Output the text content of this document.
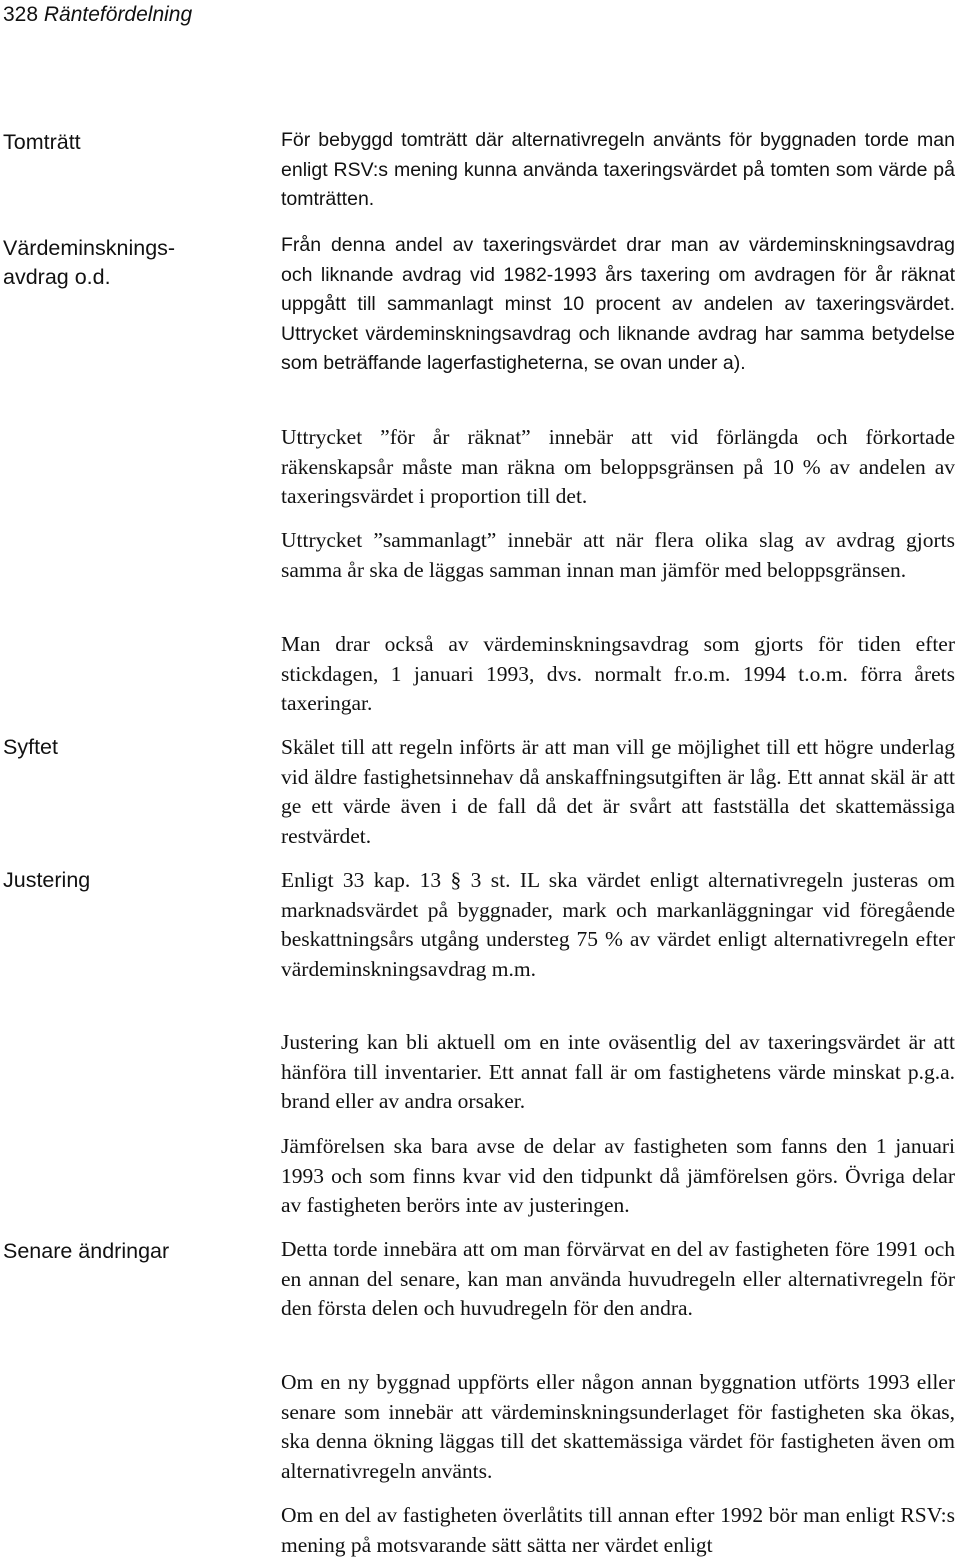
328 Räntefördelning
Tomträtt
Värdeminsknings-
avdrag o.d.
Syftet
Justering
Senare ändringar
För bebyggd tomträtt där alternativregeln använts för byggnaden torde man enligt RSV:s mening kunna använda taxeringsvärdet på tomten som värde på tomträtten.
Från denna andel av taxeringsvärdet drar man av värdeminskningsavdrag och liknande avdrag vid 1982-1993 års taxering om avdragen för år räknat uppgått till sammanlagt minst 10 procent av andelen av taxeringsvärdet. Uttrycket värdeminskningsavdrag och liknande avdrag har samma betydelse som beträffande lagerfastigheterna, se ovan under a).
Uttrycket ”för år räknat” innebär att vid förlängda och förkortade räkenskapsår måste man räkna om beloppsgränsen på 10 % av andelen av taxeringsvärdet i proportion till det.
Uttrycket ”sammanlagt” innebär att när flera olika slag av avdrag gjorts samma år ska de läggas samman innan man jämför med beloppsgränsen.
Man drar också av värdeminskningsavdrag som gjorts för tiden efter stickdagen, 1 januari 1993, dvs. normalt fr.o.m. 1994 t.o.m. förra årets taxeringar.
Skälet till att regeln införts är att man vill ge möjlighet till ett högre underlag vid äldre fastighetsinnehav då anskaffningsutgiften är låg. Ett annat skäl är att ge ett värde även i de fall då det är svårt att fastställa det skattemässiga restvärdet.
Enligt 33 kap. 13 § 3 st. IL ska värdet enligt alternativregeln justeras om marknadsvärdet på byggnader, mark och markanläggningar vid föregående beskattningsårs utgång understeg 75 % av värdet enligt alternativregeln efter värdeminskningsavdrag m.m.
Justering kan bli aktuell om en inte oväsentlig del av taxeringsvärdet är att hänföra till inventarier. Ett annat fall är om fastighetens värde minskat p.g.a. brand eller av andra orsaker.
Jämförelsen ska bara avse de delar av fastigheten som fanns den 1 januari 1993 och som finns kvar vid den tidpunkt då jämförelsen görs. Övriga delar av fastigheten berörs inte av justeringen.
Detta torde innebära att om man förvärvat en del av fastigheten före 1991 och en annan del senare, kan man använda huvudregeln eller alternativregeln för den första delen och huvudregeln för den andra.
Om en ny byggnad uppförts eller någon annan byggnation utförts 1993 eller senare som innebär att värdeminskningsunderlaget för fastigheten ska ökas, ska denna ökning läggas till det skattemässiga värdet för fastigheten även om alternativregeln använts.
Om en del av fastigheten överlåtits till annan efter 1992 bör man enligt RSV:s mening på motsvarande sätt sätta ner värdet enligt
